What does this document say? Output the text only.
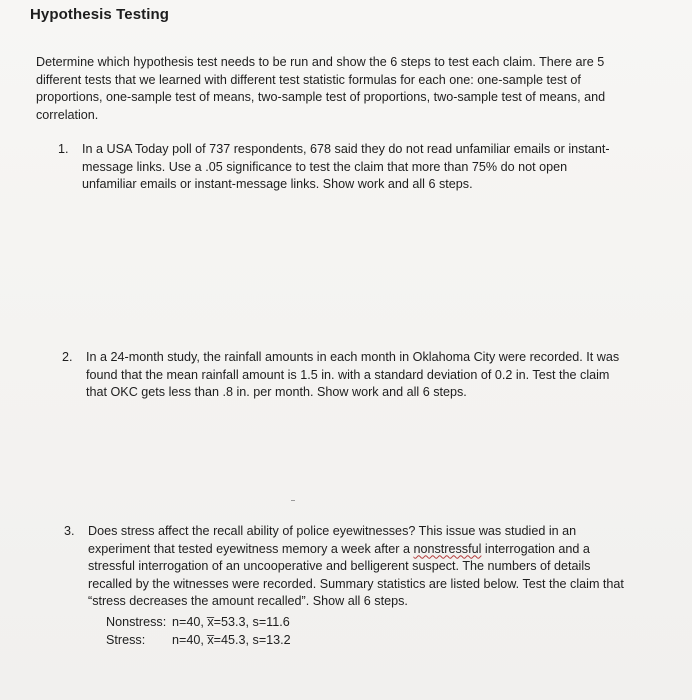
Hypothesis Testing
Determine which hypothesis test needs to be run and show the 6 steps to test each claim. There are 5 different tests that we learned with different test statistic formulas for each one: one-sample test of proportions, one-sample test of means, two-sample test of proportions, two-sample test of means, and correlation.
1.	In a USA Today poll of 737 respondents, 678 said they do not read unfamiliar emails or instant-message links. Use a .05 significance to test the claim that more than 75% do not open unfamiliar emails or instant-message links. Show work and all 6 steps.
2.	In a 24-month study, the rainfall amounts in each month in Oklahoma City were recorded. It was found that the mean rainfall amount is 1.5 in. with a standard deviation of 0.2 in. Test the claim that OKC gets less than .8 in. per month. Show work and all 6 steps.
3.	Does stress affect the recall ability of police eyewitnesses? This issue was studied in an experiment that tested eyewitness memory a week after a nonstressful interrogation and a stressful interrogation of an uncooperative and belligerent suspect. The numbers of details recalled by the witnesses were recorded. Summary statistics are listed below. Test the claim that “stress decreases the amount recalled”. Show all 6 steps.
Nonstress: n=40, x̅=53.3, s=11.6
Stress:	n=40, x̅=45.3, s=13.2
